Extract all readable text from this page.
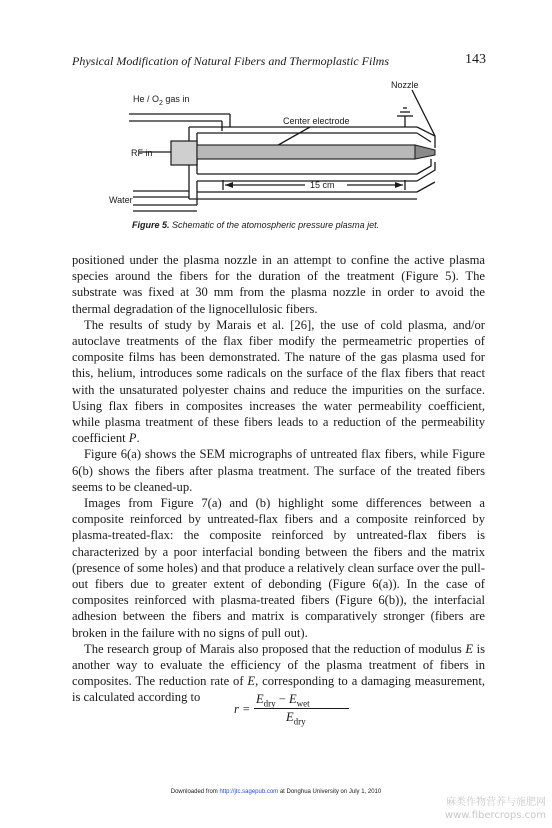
Physical Modification of Natural Fibers and Thermoplastic Films	143
He / $O_2$ gas in
Nozzle
Center electrode
RF in
15 cm
Water
Figure 5. Schematic of the atomospheric pressure plasma jet.

positioned under the plasma nozzle in an attempt to confine the active plasma species around the fibers for the duration of the treatment (Figure 5). The substrate was fixed at 30 mm from the plasma nozzle in order to avoid the thermal degradation of the lignocellulosic fibers.

The results of study by Marais et al. [26], the use of cold plasma, and/or autoclave treatments of the flax fiber modify the permeametric properties of composite films has been demonstrated. The nature of the gas plasma used for this, helium, introduces some radicals on the surface of the flax fibers that react with the unsaturated polyester chains and reduce the impurities on the surface. Using flax fibers in composites increases the water permeability coefficient, while plasma treatment of these fibers leads to a reduction of the permeability coefficient P.

Figure 6(a) shows the SEM micrographs of untreated flax fibers, while Figure 6(b) shows the fibers after plasma treatment. The surface of the treated fibers seems to be cleaned-up.

Images from Figure 7(a) and (b) highlight some differences between a composite reinforced by untreated-flax fibers and a composite reinforced by plasma-treated-flax: the composite reinforced by untreated-flax fibers is characterized by a poor interfacial bonding between the fibers and the matrix (presence of some holes) and that produce a relatively clean surface over the pull-out fibers due to greater extent of debonding (Figure 6(a)). In the case of composites reinforced with plasma-treated fibers (Figure 6(b)), the interfacial adhesion between the fibers and matrix is comparatively stronger (fibers are broken in the failure with no signs of pull out).

The research group of Marais also proposed that the reduction of modulus E is another way to evaluate the efficiency of the plasma treatment of fibers in composites. The reduction rate of E, corresponding to a damaging measurement, is calculated according to

r =
$E_{dry} - E_{wet}$
$E_{dry}$
Downloaded from http://jtc.sagepub.com at Donghua University on July 1, 2010
麻类作物营养与施肥网
www.fibercrops.com
